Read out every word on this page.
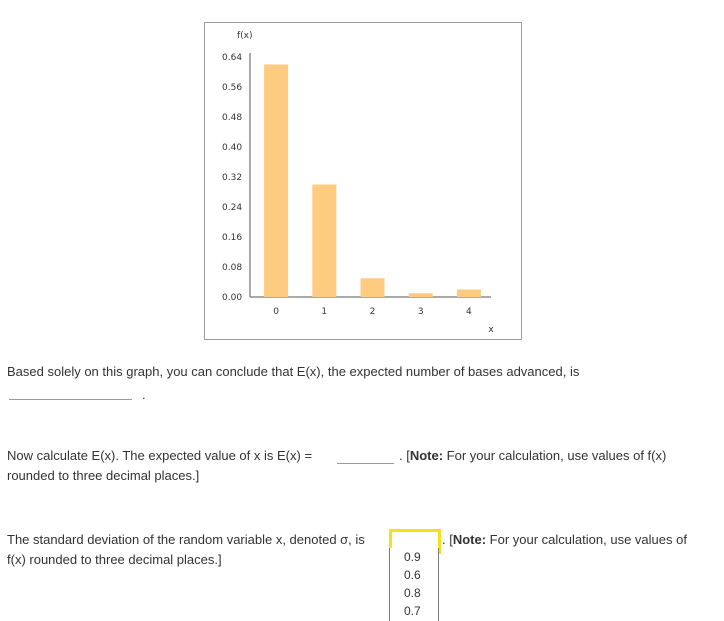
0.64
0.56
0.48
0.40
0.32
0.24
0.16
0.08
0.00
f(x)
x
0	1	2	3	4
Based solely on this graph, you can conclude that E(x), the expected number of bases advanced, is
.
Now calculate E(x). The expected value of x is E(x) =	. [Note: For your calculation, use values of f(x)
rounded to three decimal places.]
The standard deviation of the random variable x, denoted σ, is	. [Note: For your calculation, use values of
f(x) rounded to three decimal places.]	0.9
0.6
0.8
0.7
